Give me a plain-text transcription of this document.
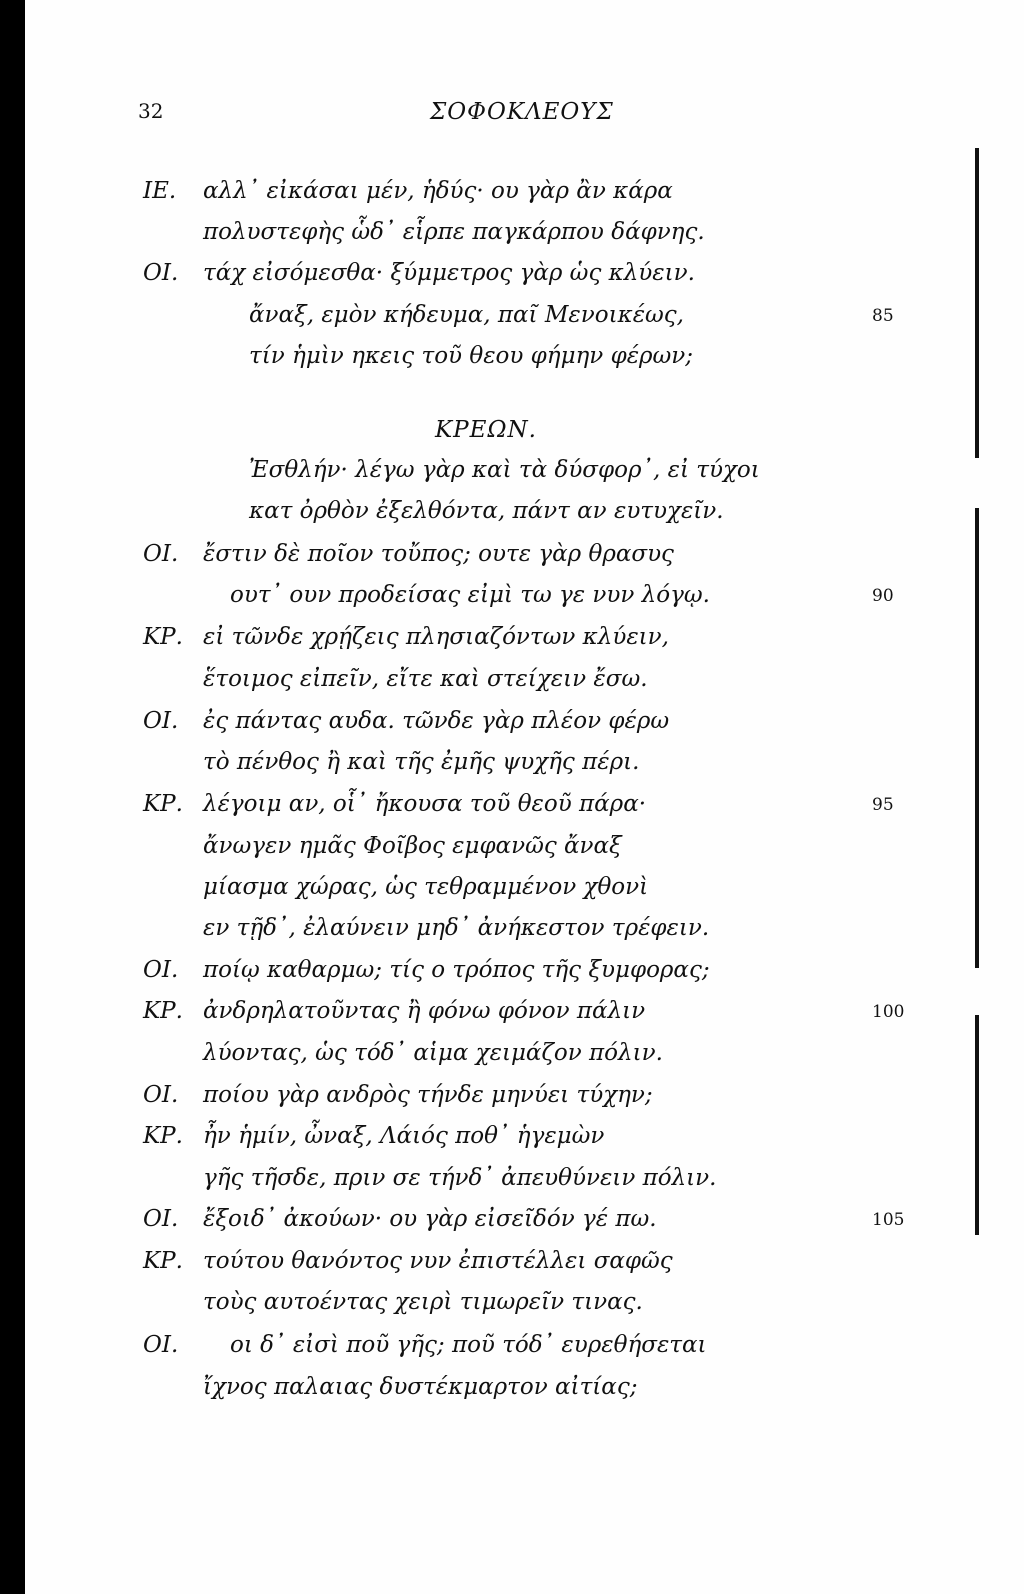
32	ΣΟΦΟΚΛΕΟΥΣ
ΚΡΕΩΝ.
ΙΕ. αλλ᾽ εἰκάσαι μέν, ἡδύς· ου γὰρ ἂν κάρα
πολυστεφὴς ὧδ᾽ εἷρπε παγκάρπου δάφνης.
ΟΙ. τάχ εἰσόμεσθα· ξύμμετρος γὰρ ὡς κλύειν.
ἄναξ, εμὸν κήδευμα, παῖ Μενοικέως,	85
τίν ἡμὶν ηκεις τοῦ θεου φήμην φέρων;
Ἐσθλήν· λέγω γὰρ καὶ τὰ δύσφορ᾽, εἰ τύχοι
κατ ὀρθὸν ἐξελθόντα, πάντ αν ευτυχεῖν.
ΟΙ. ἔστιν δὲ ποῖον τοὔπος; ουτε γὰρ θρασυς
ουτ᾽ ουν προδείσας εἰμὶ τω γε νυν λόγῳ.	90
ΚΡ. εἰ τῶνδε χρῄζεις πλησιαζόντων κλύειν,
ἕτοιμος εἰπεῖν, εἴτε καὶ στείχειν ἔσω.
ΟΙ. ἐς πάντας αυδα. τῶνδε γὰρ πλέον φέρω
τὸ πένθος ἢ καὶ τῆς ἐμῆς ψυχῆς πέρι.
ΚΡ. λέγοιμ αν, οἷ᾽ ἤκουσα τοῦ θεοῦ πάρα·	95
ἄνωγεν ημᾶς Φοῖβος εμφανῶς ἄναξ
μίασμα χώρας, ὡς τεθραμμένον χθονὶ
εν τῇδ᾽, ἐλαύνειν μηδ᾽ ἀνήκεστον τρέφειν.
ΟΙ. ποίῳ καθαρμω; τίς ο τρόπος τῆς ξυμφορας;
ΚΡ. ἀνδρηλατοῦντας ἢ φόνω φόνον πάλιν	100
λύοντας, ὡς τόδ᾽ αἱμα χειμάζον πόλιν.
ΟΙ. ποίου γὰρ ανδρὸς τήνδε μηνύει τύχην;
ΚΡ. ἦν ἡμίν, ὦναξ, Λάιός ποθ᾽ ἡγεμὼν
γῆς τῆσδε, πριν σε τήνδ᾽ ἀπευθύνειν πόλιν.
ΟΙ. ἔξοιδ᾽ ἀκούων· ου γὰρ εἰσεῖδόν γέ πω.	105
ΚΡ. τούτου θανόντος νυν ἐπιστέλλει σαφῶς
τοὺς αυτοέντας χειρὶ τιμωρεῖν τινας.
ΟΙ. οι δ᾽ εἰσὶ ποῦ γῆς; ποῦ τόδ᾽ ευρεθήσεται
ἴχνος παλαιας δυστέκμαρτον αἰτίας;
